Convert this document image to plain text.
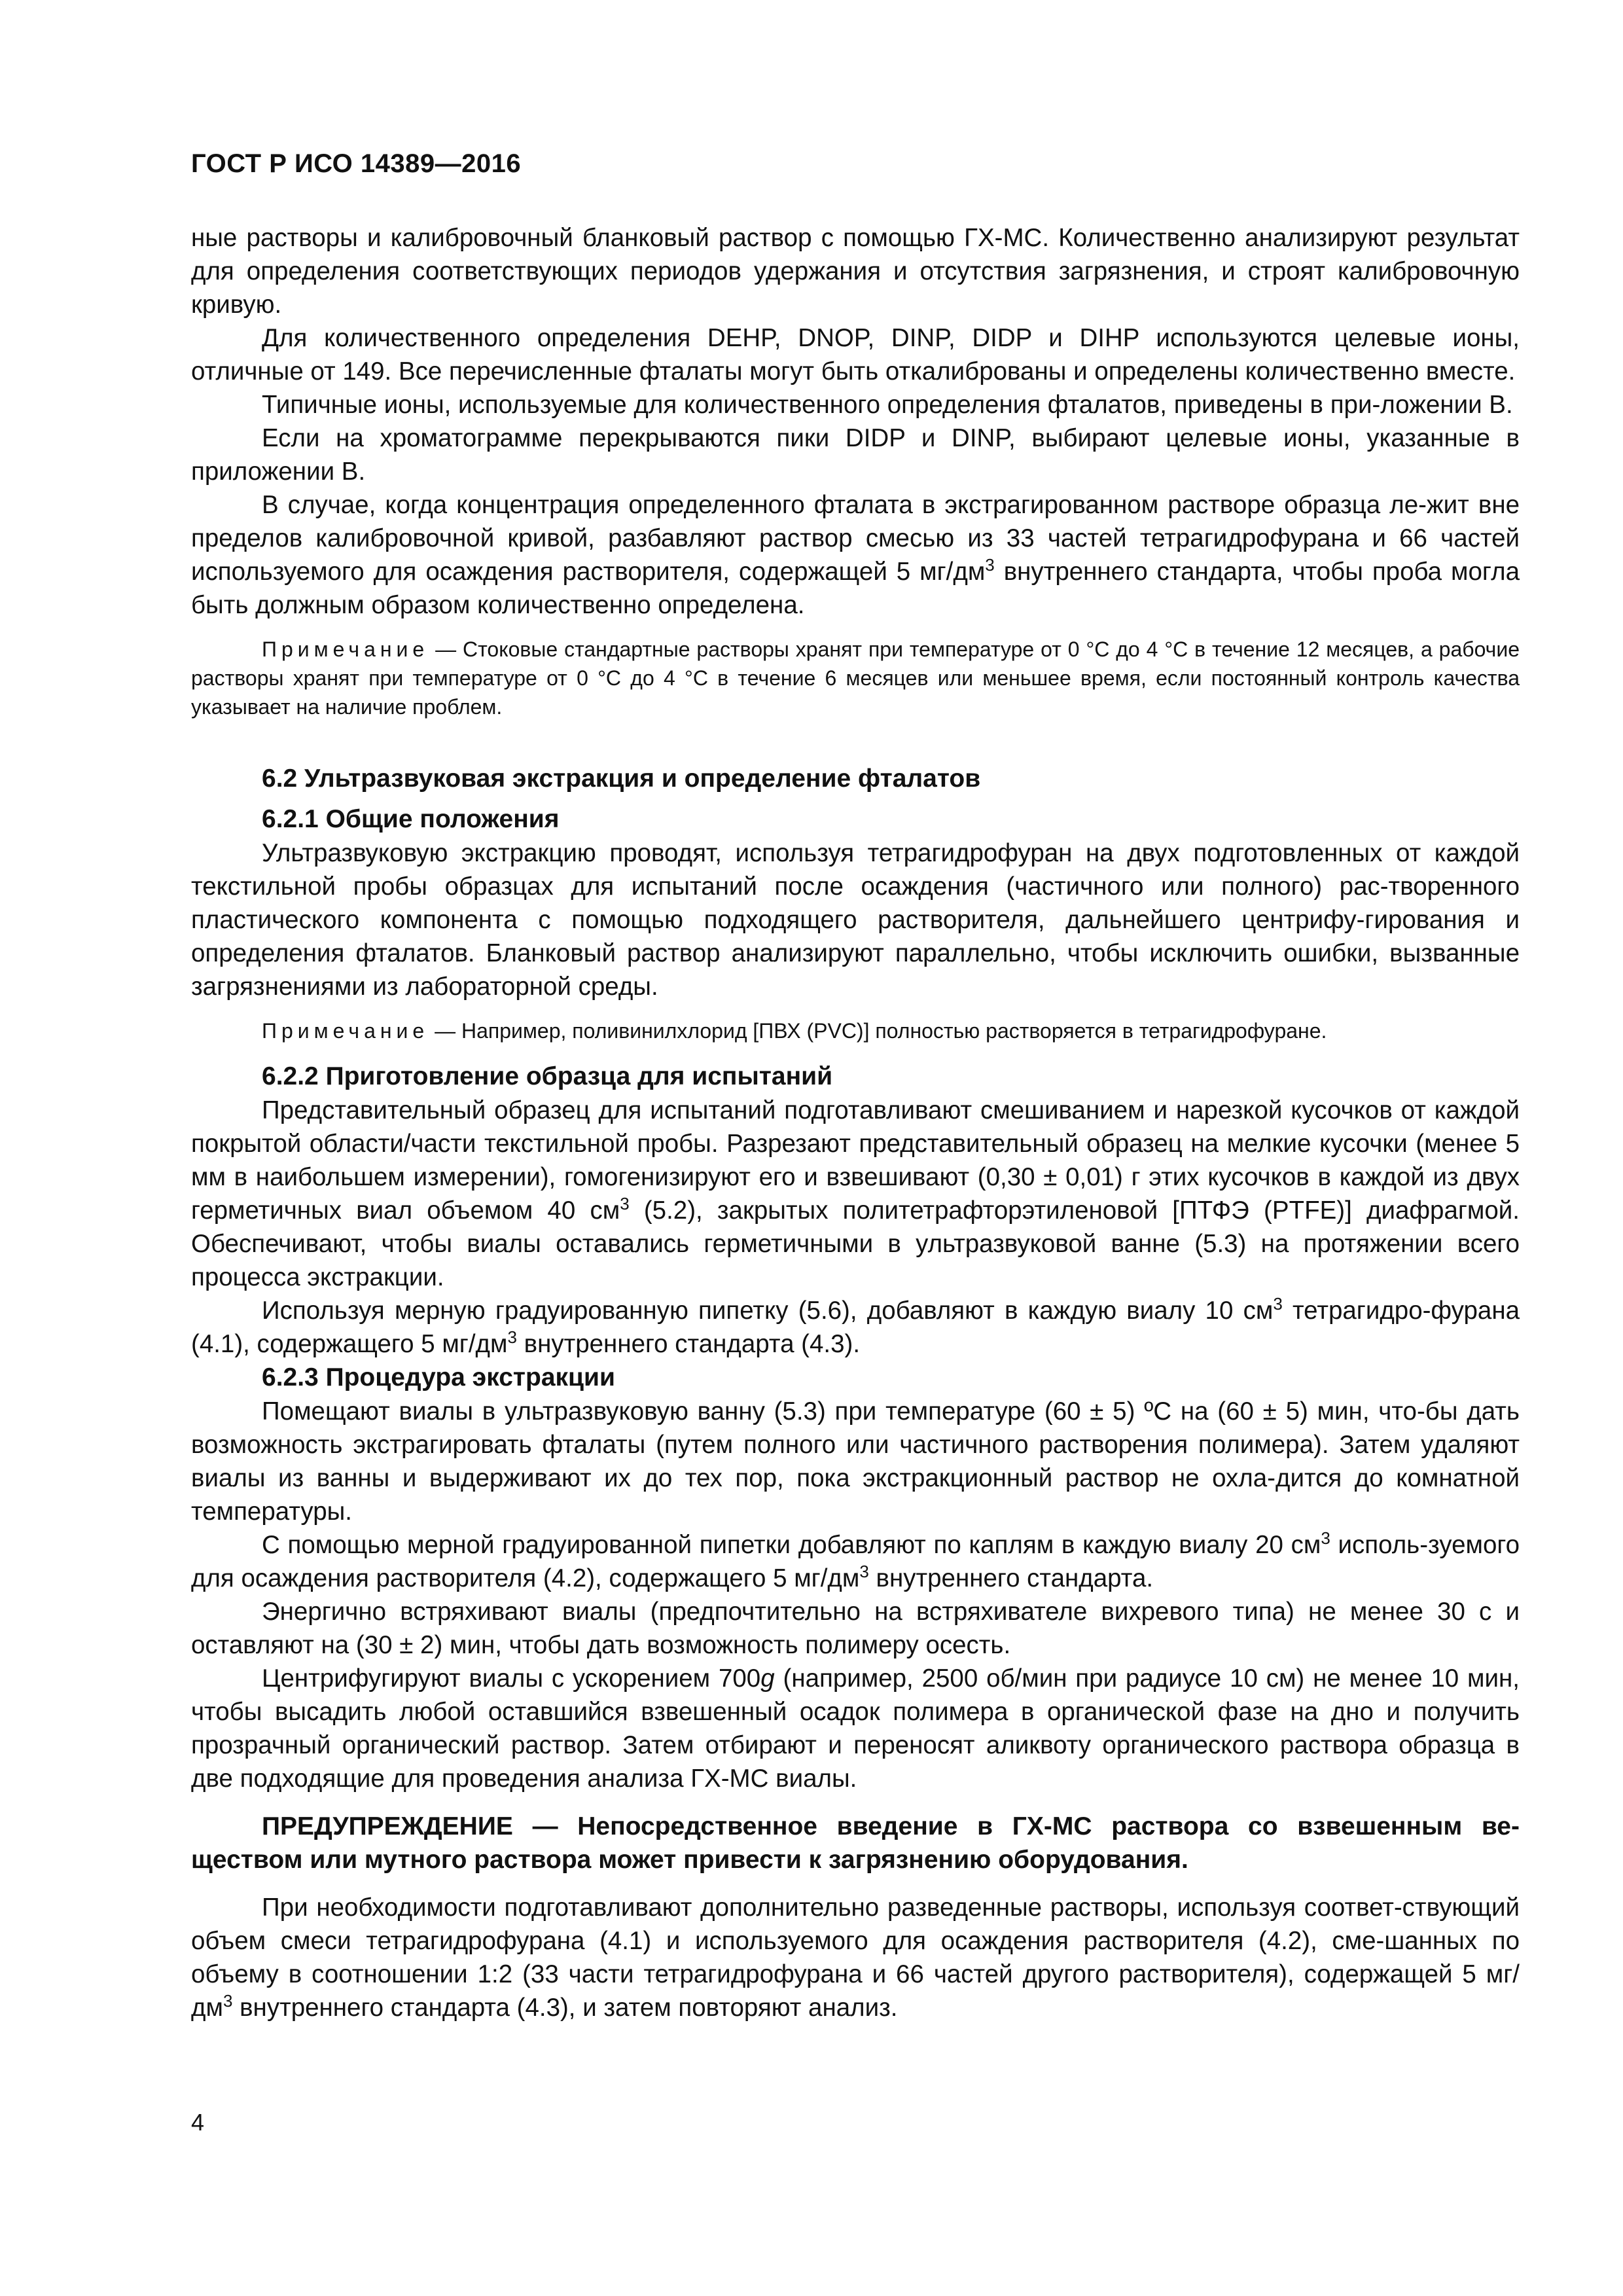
ГОСТ Р ИСО 14389—2016

ные растворы и калибровочный бланковый раствор с помощью ГХ-МС. Количественно анализируют результат для определения соответствующих периодов удержания и отсутствия загрязнения, и строят калибровочную кривую.

Для количественного определения DEHP, DNOP, DINP, DIDP и DIHP используются целевые ионы, отличные от 149. Все перечисленные фталаты могут быть откалиброваны и определены количественно вместе.

Типичные ионы, используемые для количественного определения фталатов, приведены в при-ложении В.

Если на хроматограмме перекрываются пики DIDP и DINP, выбирают целевые ионы, указанные в приложении В.

В случае, когда концентрация определенного фталата в экстрагированном растворе образца ле-жит вне пределов калибровочной кривой, разбавляют раствор смесью из 33 частей тетрагидрофурана и 66 частей используемого для осаждения растворителя, содержащей 5 $мг/дм^3$ внутреннего стандарта, чтобы проба могла быть должным образом количественно определена.

Примечание — Стоковые стандартные растворы хранят при температуре от 0 °С до 4 °С в течение 12 месяцев, а рабочие растворы хранят при температуре от 0 °С до 4 °С в течение 6 месяцев или меньшее время, если постоянный контроль качества указывает на наличие проблем.

6.2 Ультразвуковая экстракция и определение фталатов
6.2.1 Общие положения

Ультразвуковую экстракцию проводят, используя тетрагидрофуран на двух подготовленных от каждой текстильной пробы образцах для испытаний после осаждения (частичного или полного) рас-творенного пластического компонента с помощью подходящего растворителя, дальнейшего центрифу-гирования и определения фталатов. Бланковый раствор анализируют параллельно, чтобы исключить ошибки, вызванные загрязнениями из лабораторной среды.

Примечание — Например, поливинилхлорид [ПВХ (PVC)] полностью растворяется в тетрагидрофуране.

6.2.2 Приготовление образца для испытаний

Представительный образец для испытаний подготавливают смешиванием и нарезкой кусочков от каждой покрытой области/части текстильной пробы. Разрезают представительный образец на мелкие кусочки (менее 5 мм в наибольшем измерении), гомогенизируют его и взвешивают (0,30 ± 0,01) г этих кусочков в каждой из двух герметичных виал объемом 40 $см^3$ (5.2), закрытых политетрафторэтиленовой [ПТФЭ (PTFE)] диафрагмой. Обеспечивают, чтобы виалы оставались герметичными в ультразвуковой ванне (5.3) на протяжении всего процесса экстракции.

Используя мерную градуированную пипетку (5.6), добавляют в каждую виалу 10 $см^3$ тетрагидро-фурана (4.1), содержащего 5 $мг/дм^3$ внутреннего стандарта (4.3).

6.2.3 Процедура экстракции

Помещают виалы в ультразвуковую ванну (5.3) при температуре (60 ± 5) ºС на (60 ± 5) мин, что-бы дать возможность экстрагировать фталаты (путем полного или частичного растворения полимера). Затем удаляют виалы из ванны и выдерживают их до тех пор, пока экстракционный раствор не охла-дится до комнатной температуры.

С помощью мерной градуированной пипетки добавляют по каплям в каждую виалу 20 $см^3$ исполь-зуемого для осаждения растворителя (4.2), содержащего 5 $мг/дм^3$ внутреннего стандарта.

Энергично встряхивают виалы (предпочтительно на встряхивателе вихревого типа) не менее 30 с и оставляют на (30 ± 2) мин, чтобы дать возможность полимеру осесть.

Центрифугируют виалы с ускорением 700g (например, 2500 об/мин при радиусе 10 см) не менее 10 мин, чтобы высадить любой оставшийся взвешенный осадок полимера в органической фазе на дно и получить прозрачный органический раствор. Затем отбирают и переносят аликвоту органического раствора образца в две подходящие для проведения анализа ГХ-МС виалы.

ПРЕДУПРЕЖДЕНИЕ — Непосредственное введение в ГХ-МС раствора со взвешенным ве-ществом или мутного раствора может привести к загрязнению оборудования.

При необходимости подготавливают дополнительно разведенные растворы, используя соответ-ствующий объем смеси тетрагидрофурана (4.1) и используемого для осаждения растворителя (4.2), сме-шанных по объему в соотношении 1:2 (33 части тетрагидрофурана и 66 частей другого растворителя), содержащей 5 $мг/дм^3$ внутреннего стандарта (4.3), и затем повторяют анализ.

4
